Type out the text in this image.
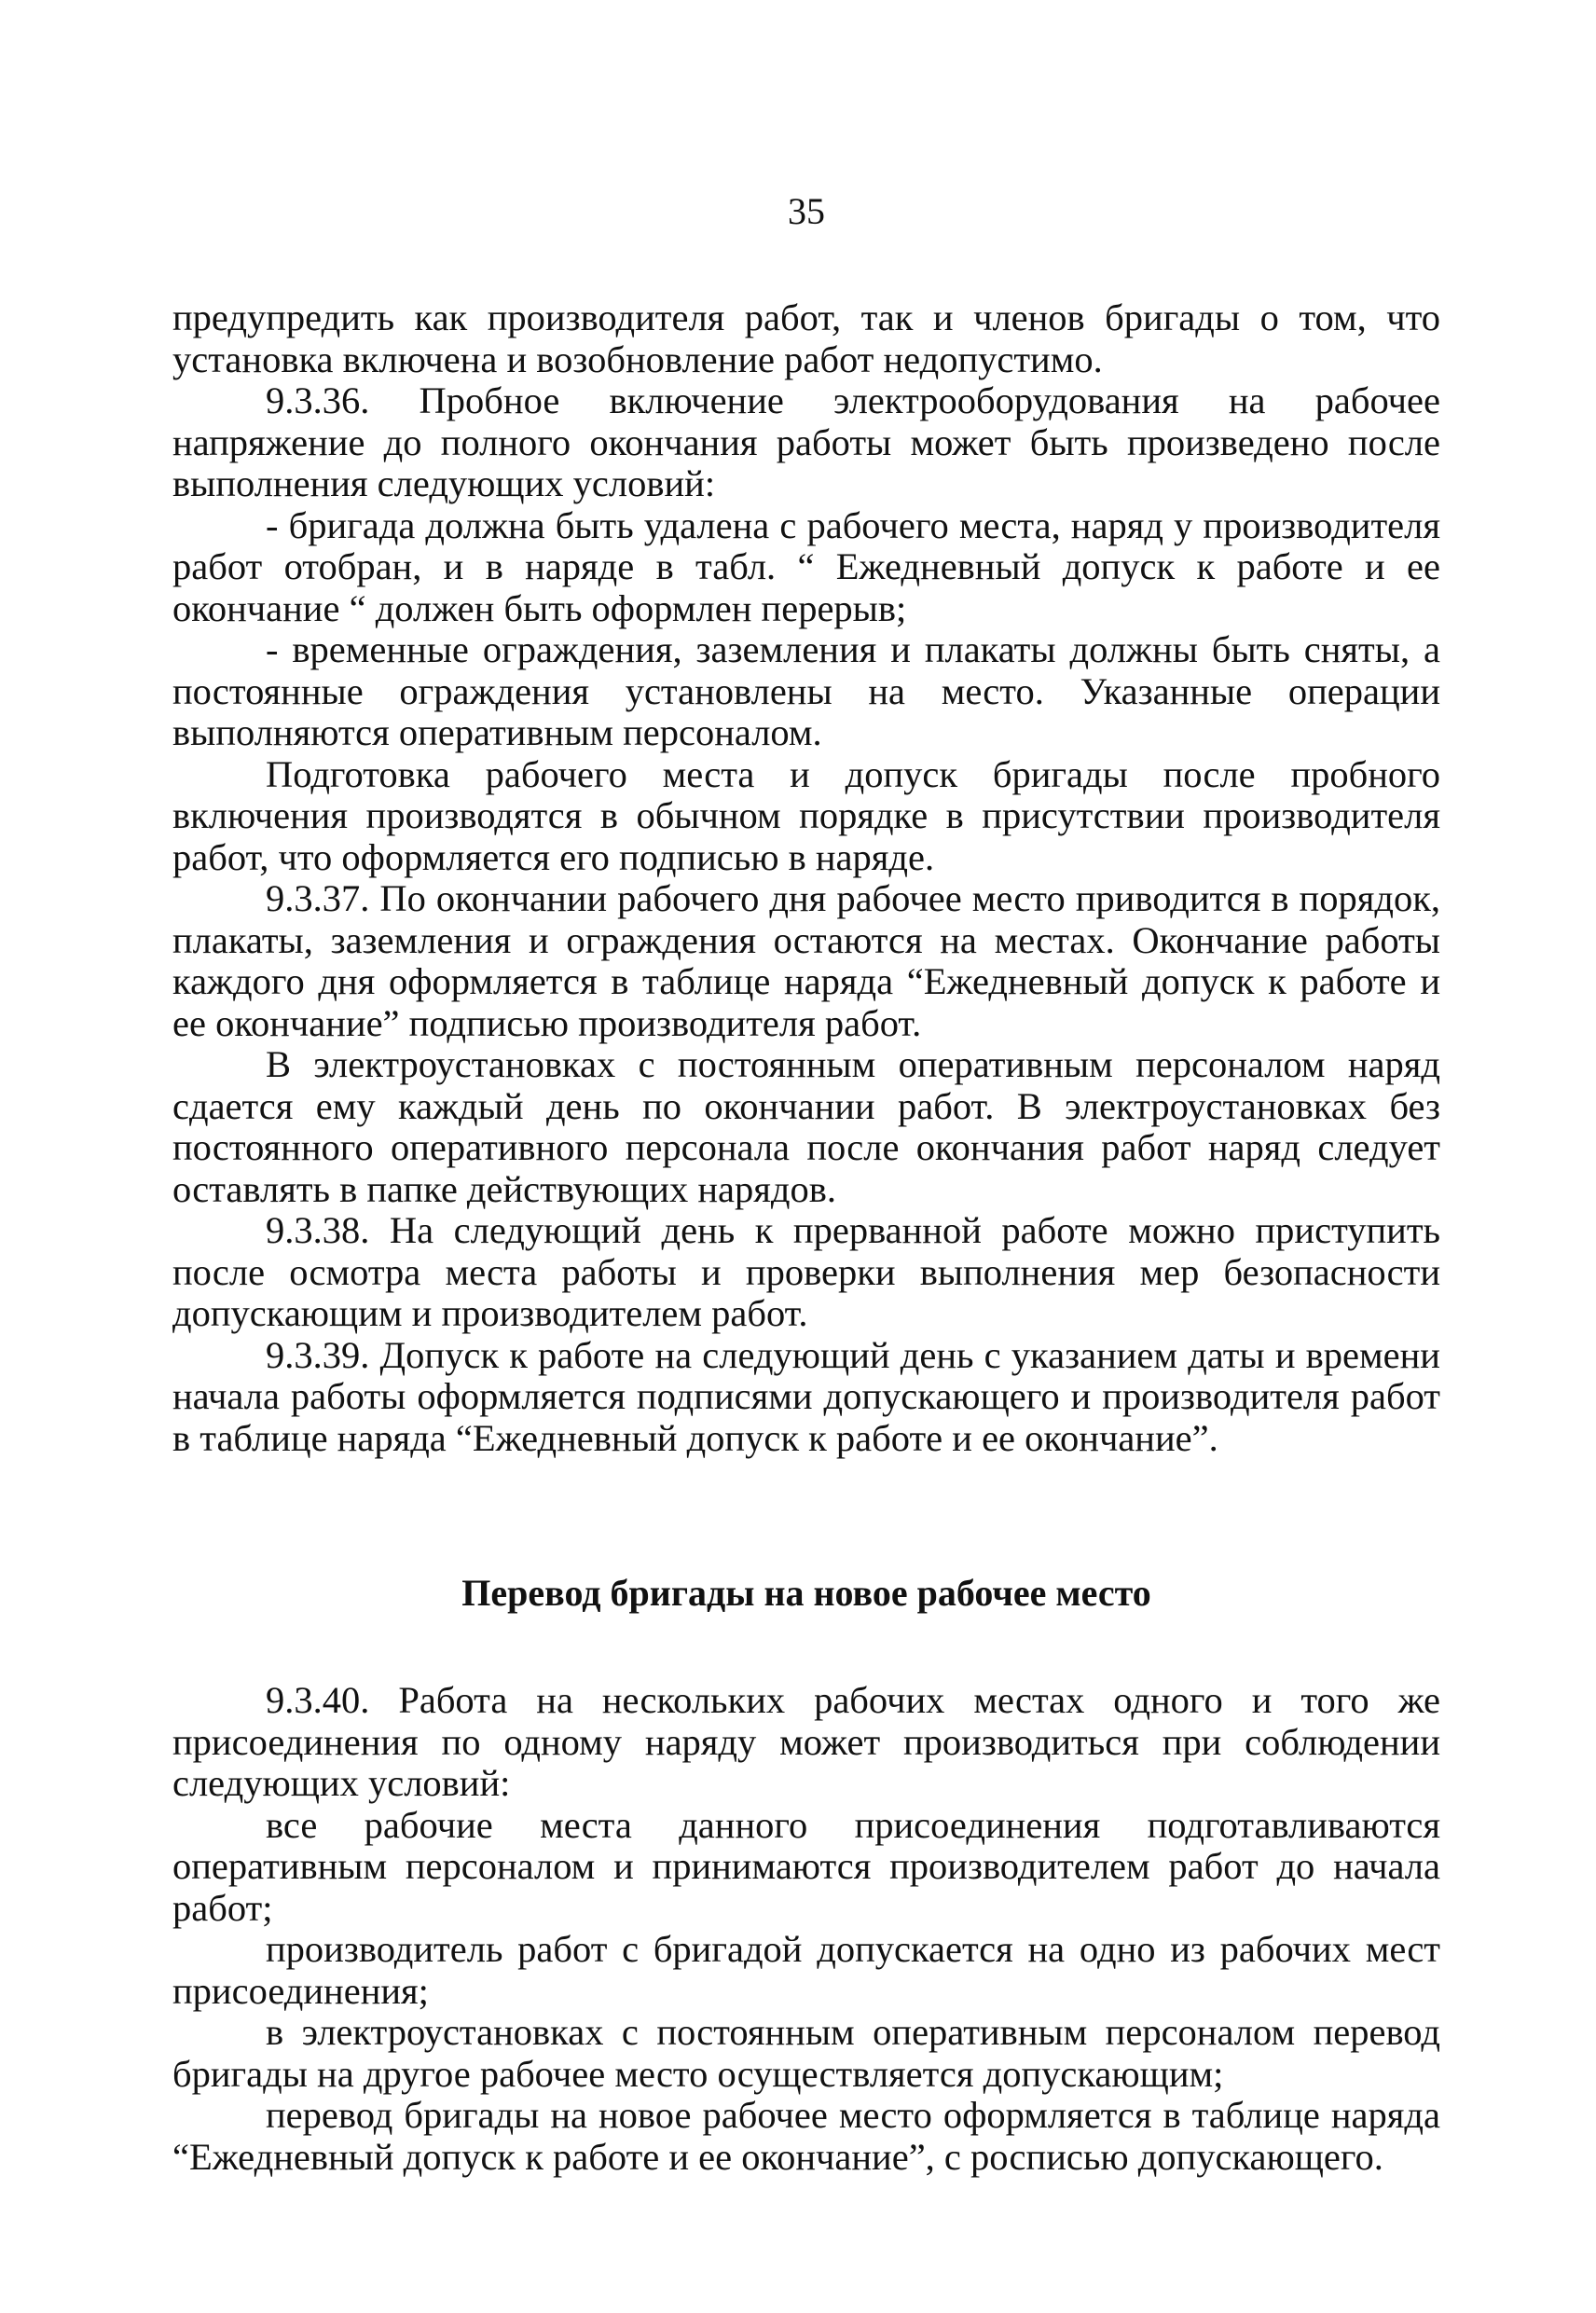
35

предупредить как производителя работ, так и членов бригады о том, что установка включена и возобновление работ недопустимо.

9.3.36. Пробное включение электрооборудования на рабочее напряжение до полного окончания работы может быть произведено после выполнения следующих условий:

- бригада должна быть удалена с рабочего места, наряд у производителя работ отобран, и в наряде в табл. “ Ежедневный допуск к работе и ее окончание “ должен быть оформлен перерыв;

- временные ограждения, заземления и плакаты должны быть сняты, а постоянные ограждения установлены на место. Указанные операции выполняются оперативным персоналом.

Подготовка рабочего места и допуск бригады после пробного включения производятся в обычном порядке в присутствии производителя работ, что оформляется его подписью в наряде.

9.3.37. По окончании рабочего дня рабочее место приводится в порядок, плакаты, заземления и ограждения остаются на местах. Окончание работы каждого дня оформляется в таблице наряда “Ежедневный допуск к работе и ее окончание” подписью производителя работ.

В электроустановках с постоянным оперативным персоналом наряд сдается ему каждый день по окончании работ. В электроустановках без постоянного оперативного персонала после окончания работ наряд следует оставлять в папке действующих нарядов.

9.3.38. На следующий день к прерванной работе можно приступить после осмотра места работы и проверки выполнения мер безопасности допускающим и производителем работ.

9.3.39. Допуск к работе на следующий день с указанием даты и времени начала работы оформляется подписями допускающего и производителя работ в таблице наряда “Ежедневный допуск к работе и ее окончание”.

Перевод бригады на новое рабочее место

9.3.40. Работа на нескольких рабочих местах одного и того же присоединения по одному наряду может производиться при соблюдении следующих условий:

все рабочие места данного присоединения подготавливаются оперативным персоналом и принимаются производителем работ до начала работ;

производитель работ с бригадой допускается на одно из рабочих мест присоединения;

в электроустановках с постоянным оперативным персоналом перевод бригады на другое рабочее место осуществляется допускающим;

перевод бригады на новое рабочее место оформляется в таблице наряда “Ежедневный допуск к работе и ее окончание”, с росписью допускающего.
